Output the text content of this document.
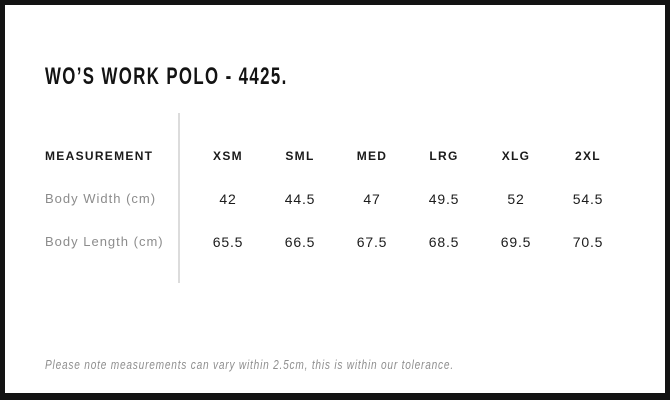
WO’S WORK POLO - 4425.
MEASUREMENT	XSM	SML	MED	LRG	XLG	2XL
Body Width (cm)	42	44.5	47	49.5	52	54.5
Body Length (cm)	65.5	66.5	67.5	68.5	69.5	70.5

Please note measurements can vary within 2.5cm, this is within our tolerance.
